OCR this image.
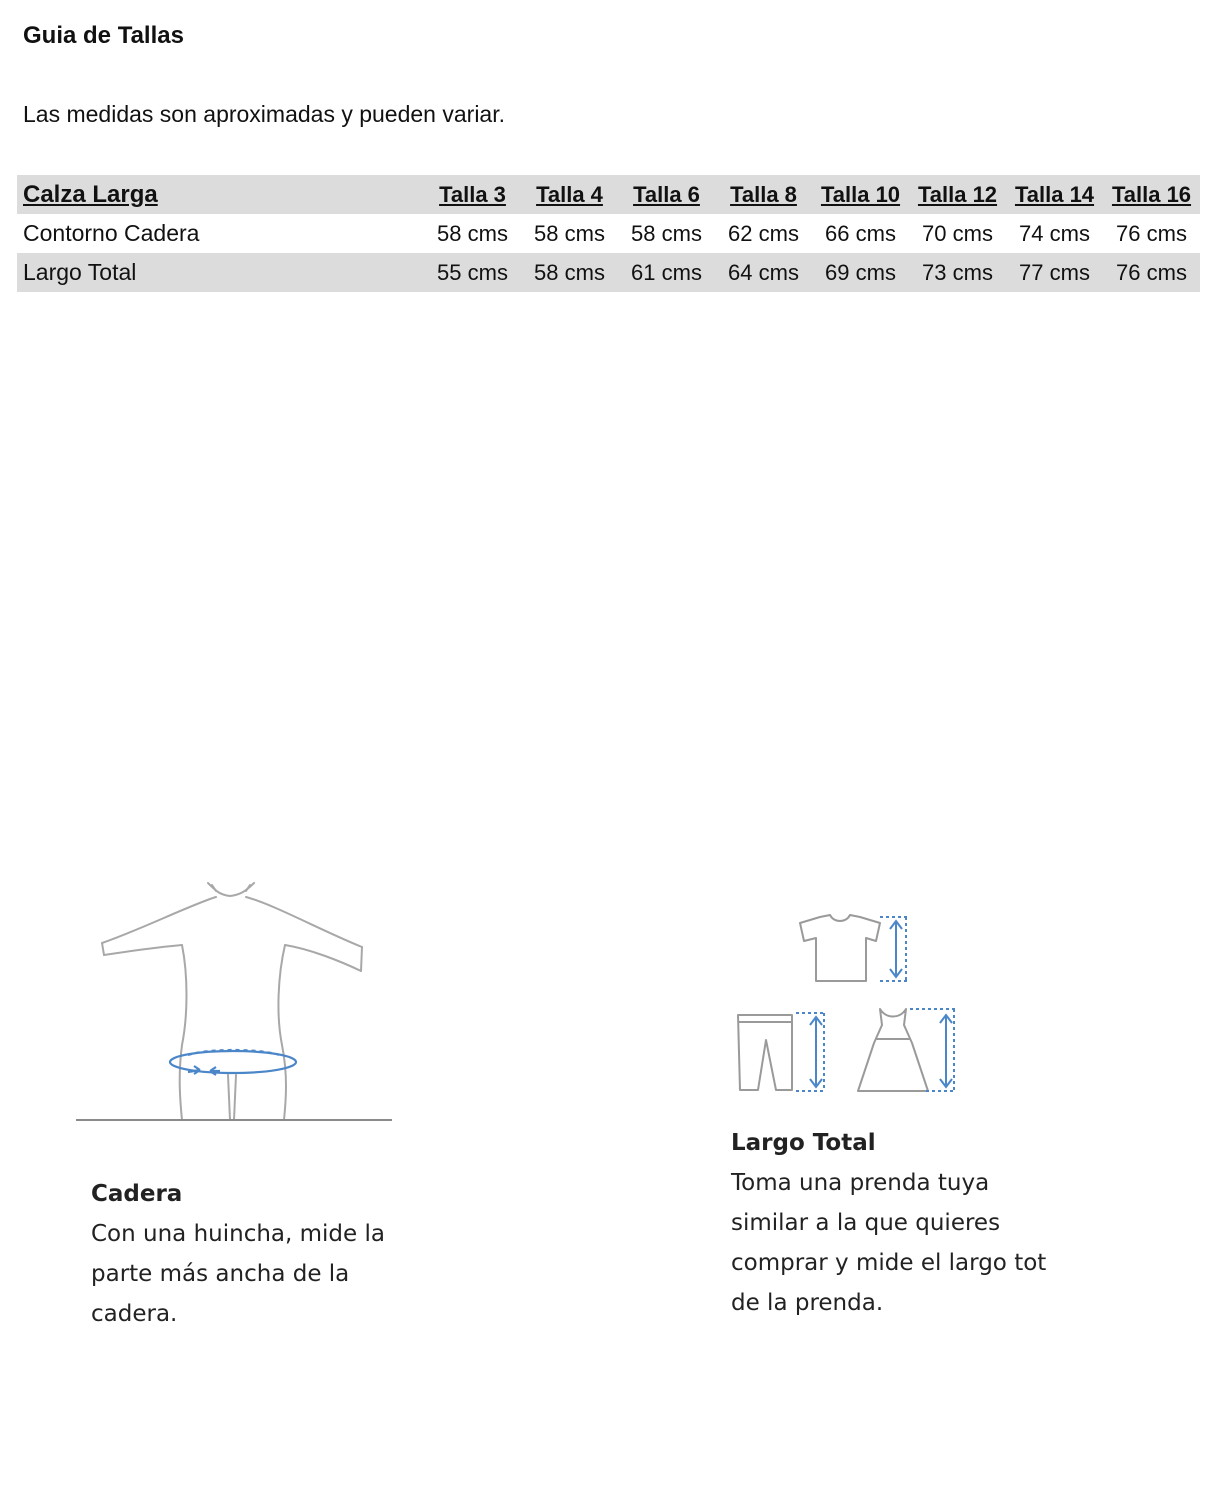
Guia de Tallas

Las medidas son aproximadas y pueden variar.

Calza Larga	Talla 3	Talla 4	Talla 6	Talla 8	Talla 10	Talla 12	Talla 14	Talla 16
Contorno Cadera	58 cms	58 cms	58 cms	62 cms	66 cms	70 cms	74 cms	76 cms
Largo Total	55 cms	58 cms	61 cms	64 cms	69 cms	73 cms	77 cms	76 cms
Cadera
Con una huincha, mide la
parte más ancha de la
cadera.
Largo Total
Toma una prenda tuya
similar a la que quieres
comprar y mide el largo tot
de la prenda.
